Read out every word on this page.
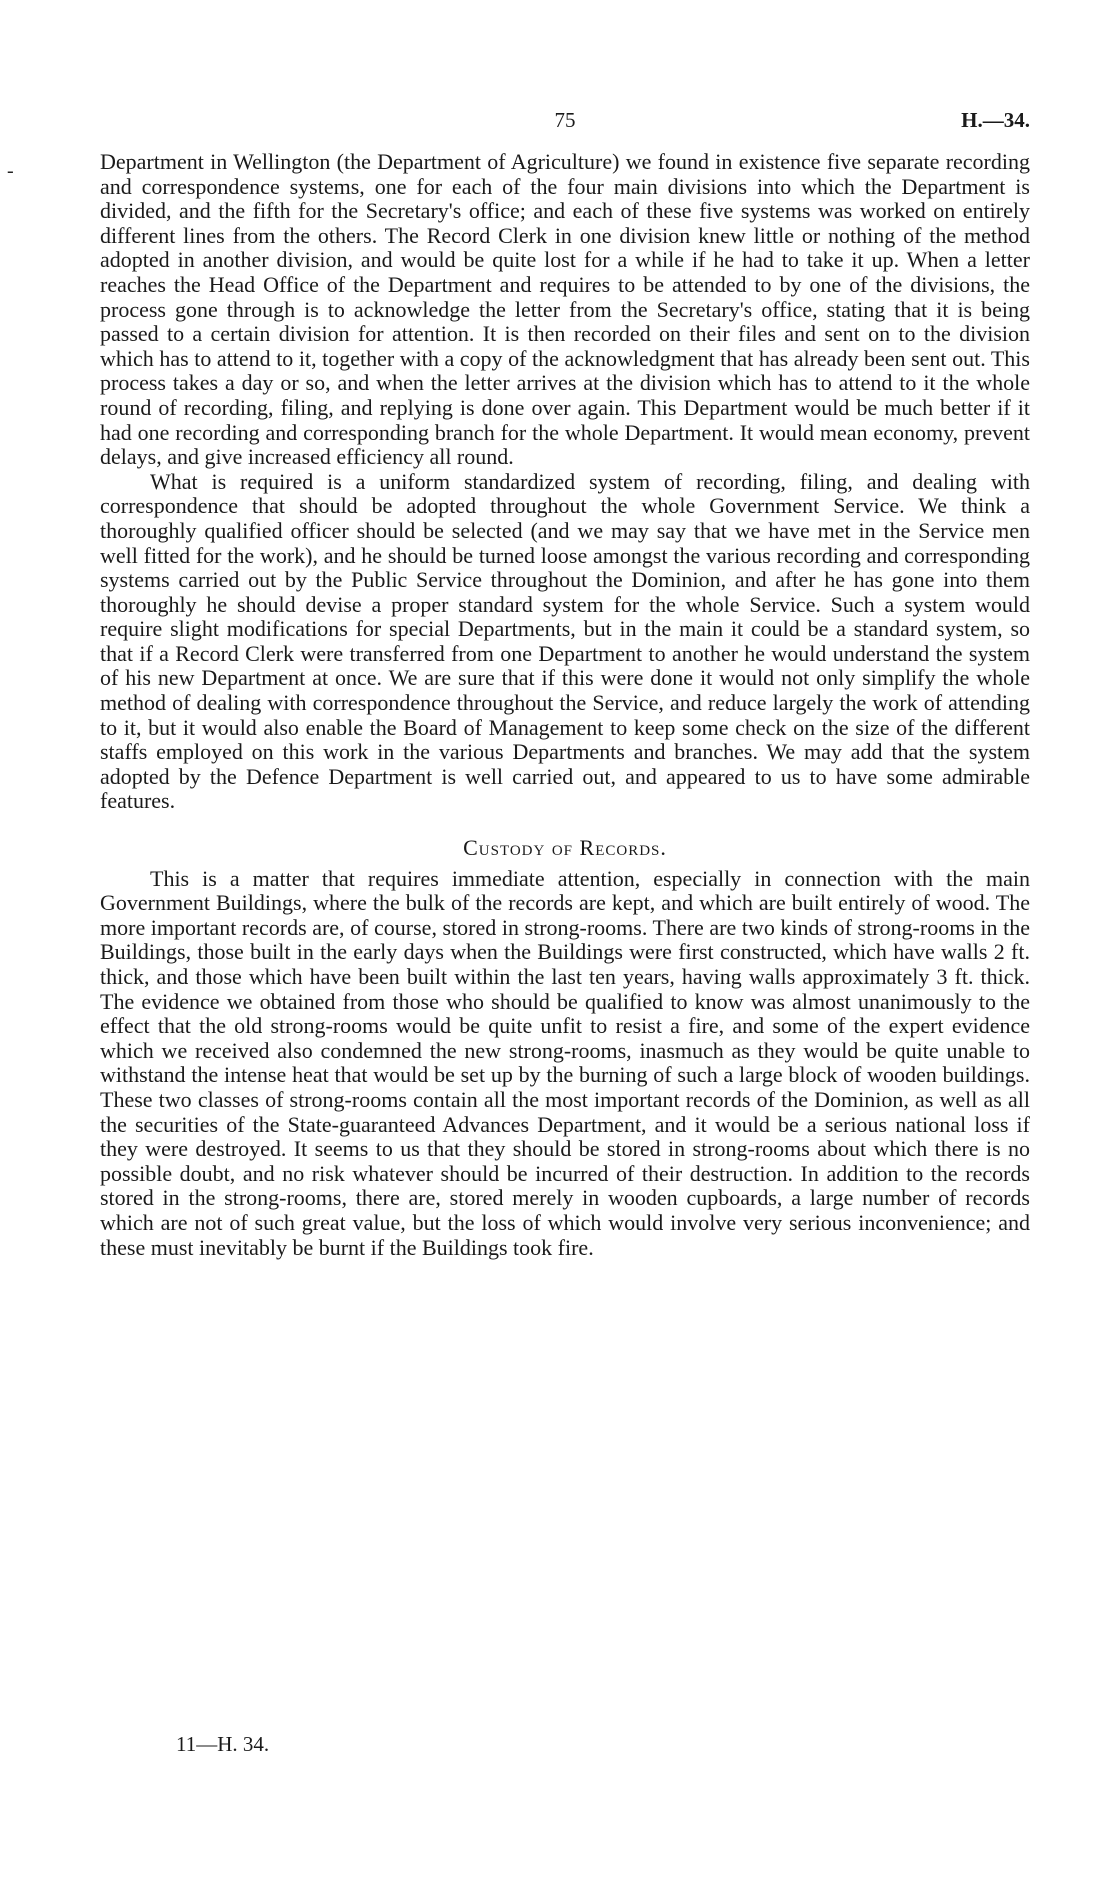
-
75	H.—34.

Department in Wellington (the Department of Agriculture) we found in existence five separate recording and correspondence systems, one for each of the four main divisions into which the Department is divided, and the fifth for the Secretary's office; and each of these five systems was worked on entirely different lines from the others. The Record Clerk in one division knew little or nothing of the method adopted in another division, and would be quite lost for a while if he had to take it up. When a letter reaches the Head Office of the Department and requires to be attended to by one of the divisions, the process gone through is to acknowledge the letter from the Secretary's office, stating that it is being passed to a certain division for attention. It is then recorded on their files and sent on to the division which has to attend to it, together with a copy of the acknowledgment that has already been sent out. This process takes a day or so, and when the letter arrives at the division which has to attend to it the whole round of recording, filing, and replying is done over again. This Department would be much better if it had one recording and corresponding branch for the whole Department. It would mean economy, prevent delays, and give increased efficiency all round.

What is required is a uniform standardized system of recording, filing, and dealing with correspondence that should be adopted throughout the whole Government Service. We think a thoroughly qualified officer should be selected (and we may say that we have met in the Service men well fitted for the work), and he should be turned loose amongst the various recording and corresponding systems carried out by the Public Service throughout the Dominion, and after he has gone into them thoroughly he should devise a proper standard system for the whole Service. Such a system would require slight modifications for special Departments, but in the main it could be a standard system, so that if a Record Clerk were transferred from one Department to another he would understand the system of his new Department at once. We are sure that if this were done it would not only simplify the whole method of dealing with correspondence throughout the Service, and reduce largely the work of attending to it, but it would also enable the Board of Management to keep some check on the size of the different staffs employed on this work in the various Departments and branches. We may add that the system adopted by the Defence Department is well carried out, and appeared to us to have some admirable features.

Custody of Records.

This is a matter that requires immediate attention, especially in connection with the main Government Buildings, where the bulk of the records are kept, and which are built entirely of wood. The more important records are, of course, stored in strong-rooms. There are two kinds of strong-rooms in the Buildings, those built in the early days when the Buildings were first constructed, which have walls 2 ft. thick, and those which have been built within the last ten years, having walls approximately 3 ft. thick. The evidence we obtained from those who should be qualified to know was almost unanimously to the effect that the old strong-rooms would be quite unfit to resist a fire, and some of the expert evidence which we received also condemned the new strong-rooms, inasmuch as they would be quite unable to withstand the intense heat that would be set up by the burning of such a large block of wooden buildings. These two classes of strong-rooms contain all the most important records of the Dominion, as well as all the securities of the State-guaranteed Advances Department, and it would be a serious national loss if they were destroyed. It seems to us that they should be stored in strong-rooms about which there is no possible doubt, and no risk whatever should be incurred of their destruction. In addition to the records stored in the strong-rooms, there are, stored merely in wooden cupboards, a large number of records which are not of such great value, but the loss of which would involve very serious inconvenience; and these must inevitably be burnt if the Buildings took fire.

11—H. 34.
